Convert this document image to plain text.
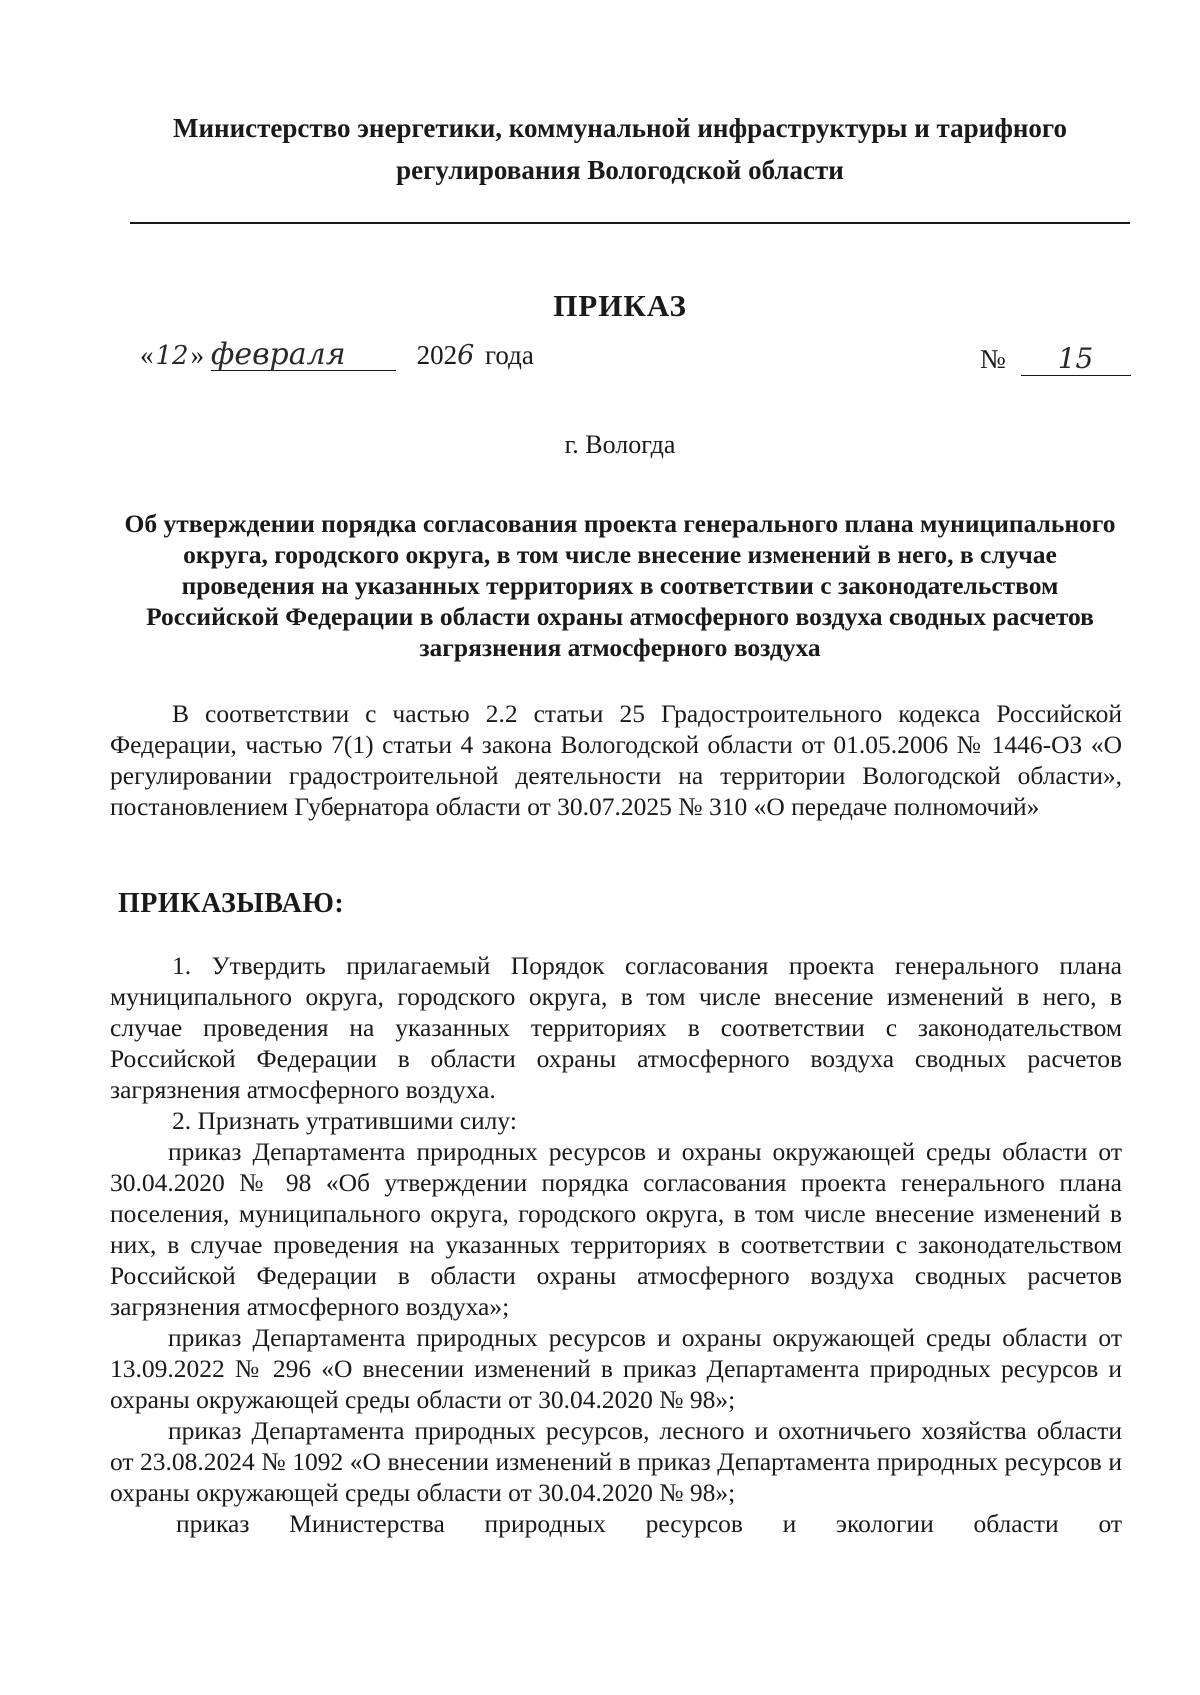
Министерство энергетики, коммунальной инфраструктуры и тарифного
регулирования Вологодской области
ПРИКАЗ
«12» февраля	2026 года	№ 15
г. Вологда
Об утверждении порядка согласования проекта генерального плана муниципального округа, городского округа, в том числе внесение изменений в него, в случае проведения на указанных территориях в соответствии с законодательством Российской Федерации в области охраны атмосферного воздуха сводных расчетов загрязнения атмосферного воздуха

В соответствии с частью 2.2 статьи 25 Градостроительного кодекса Российской Федерации, частью 7(1) статьи 4 закона Вологодской области от 01.05.2006 № 1446-ОЗ «О регулировании градостроительной деятельности на территории Вологодской области», постановлением Губернатора области от 30.07.2025 № 310 «О передаче полномочий»

ПРИКАЗЫВАЮ:

1. Утвердить прилагаемый Порядок согласования проекта генерального плана муниципального округа, городского округа, в том числе внесение изменений в него, в случае проведения на указанных территориях в соответствии с законодательством Российской Федерации в области охраны атмосферного воздуха сводных расчетов загрязнения атмосферного воздуха.

2. Признать утратившими силу:

приказ Департамента природных ресурсов и охраны окружающей среды области от 30.04.2020 № 98 «Об утверждении порядка согласования проекта генерального плана поселения, муниципального округа, городского округа, в том числе внесение изменений в них, в случае проведения на указанных территориях в соответствии с законодательством Российской Федерации в области охраны атмосферного воздуха сводных расчетов загрязнения атмосферного воздуха»;

приказ Департамента природных ресурсов и охраны окружающей среды области от 13.09.2022 № 296 «О внесении изменений в приказ Департамента природных ресурсов и охраны окружающей среды области от 30.04.2020 № 98»;

приказ Департамента природных ресурсов, лесного и охотничьего хозяйства области от 23.08.2024 № 1092 «О внесении изменений в приказ Департамента природных ресурсов и охраны окружающей среды области от 30.04.2020 № 98»;

приказ Министерства природных ресурсов и экологии области от
